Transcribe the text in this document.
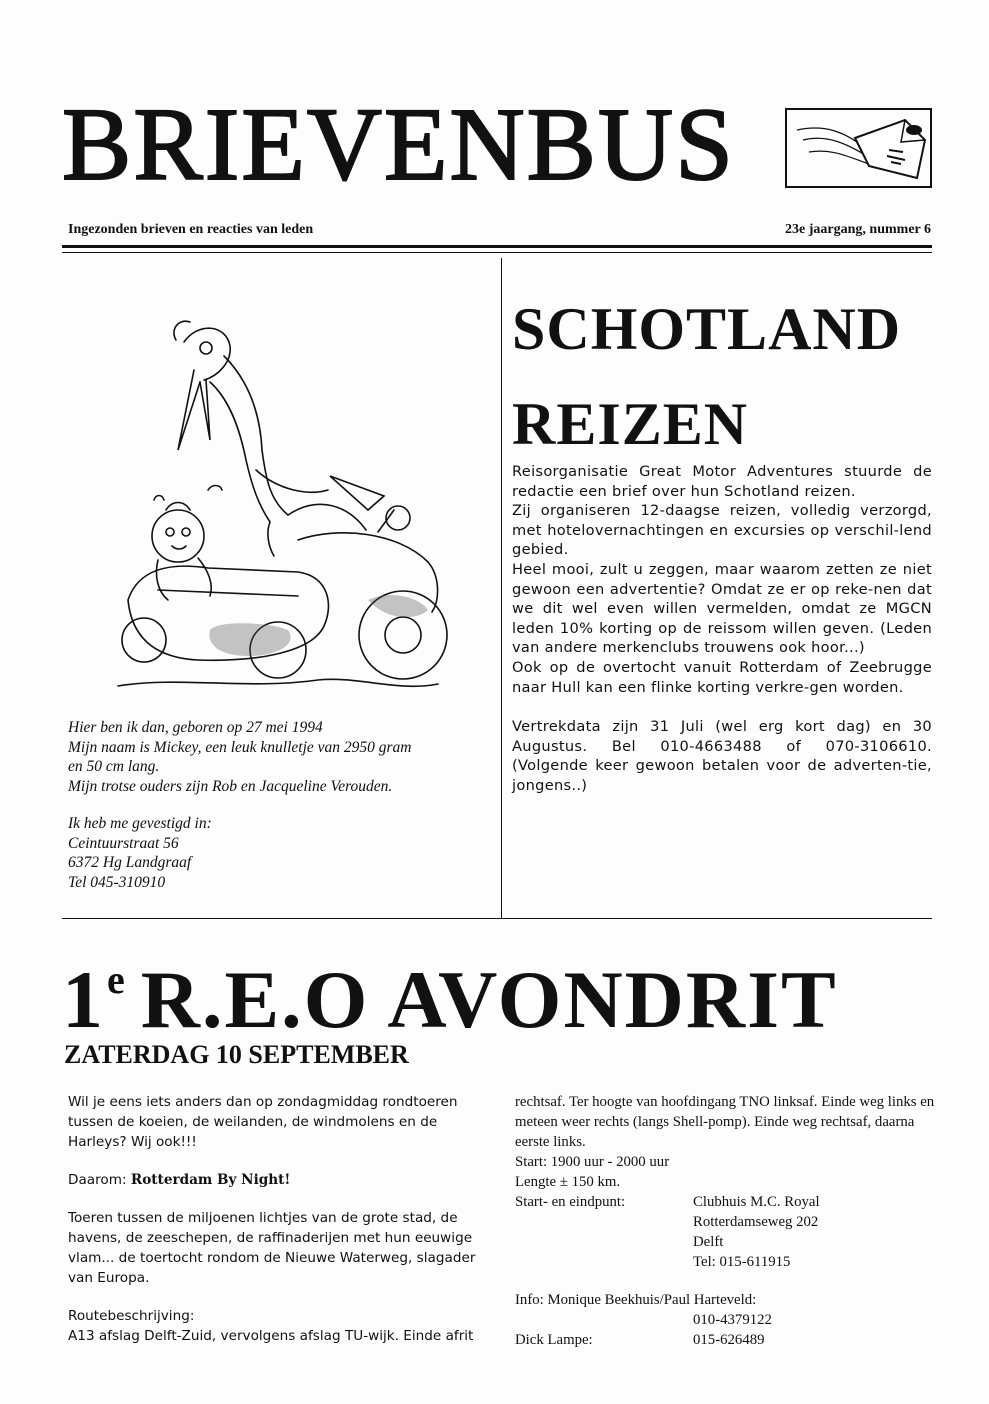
BRIEVENBUS
Ingezonden brieven en reacties van leden	23e jaargang, nummer 6

Hier ben ik dan, geboren op 27 mei 1994

Mijn naam is Mickey, een leuk knulletje van 2950 gram

en 50 cm lang.

Mijn trotse ouders zijn Rob en Jacqueline Verouden.

Ik heb me gevestigd in:

Ceintuurstraat 56

6372 Hg Landgraaf

Tel 045-310910

SCHOTLAND
REIZEN

Reisorganisatie Great Motor Adventures stuurde de redactie een brief over hun Schotland reizen.

Zij organiseren 12-daagse reizen, volledig verzorgd, met hotelovernachtingen en excursies op verschil-lend gebied.

Heel mooi, zult u zeggen, maar waarom zetten ze niet gewoon een advertentie? Omdat ze er op reke-nen dat we dit wel even willen vermelden, omdat ze MGCN leden 10% korting op de reissom willen geven. (Leden van andere merkenclubs trouwens ook hoor...)

Ook op de overtocht vanuit Rotterdam of Zeebrugge naar Hull kan een flinke korting verkre-gen worden.

Vertrekdata zijn 31 Juli (wel erg kort dag) en 30 Augustus. Bel 010-4663488 of 070-3106610. (Volgende keer gewoon betalen voor de adverten-tie, jongens..)

1e R.E.O AVONDRIT
ZATERDAG 10 SEPTEMBER

Wil je eens iets anders dan op zondagmiddag rondtoeren tussen de koeien, de weilanden, de windmolens en de Harleys? Wij ook!!!

Daarom: Rotterdam By Night!

Toeren tussen de miljoenen lichtjes van de grote stad, de havens, de zeeschepen, de raffinaderijen met hun eeuwige vlam... de toertocht rondom de Nieuwe Waterweg, slagader van Europa.

Routebeschrijving:

A13 afslag Delft-Zuid, vervolgens afslag TU-wijk. Einde afrit

rechtsaf. Ter hoogte van hoofdingang TNO linksaf. Einde weg links en meteen weer rechts (langs Shell-pomp). Einde weg rechtsaf, daarna eerste links.

Start: 1900 uur - 2000 uur

Lengte ± 150 km.

Start- en eindpunt:	Clubhuis M.C. Royal

Rotterdamseweg 202

Delft

Tel: 015-611915

Info: Monique Beekhuis/Paul Harteveld:

010-4379122
Dick Lampe:	015-626489
